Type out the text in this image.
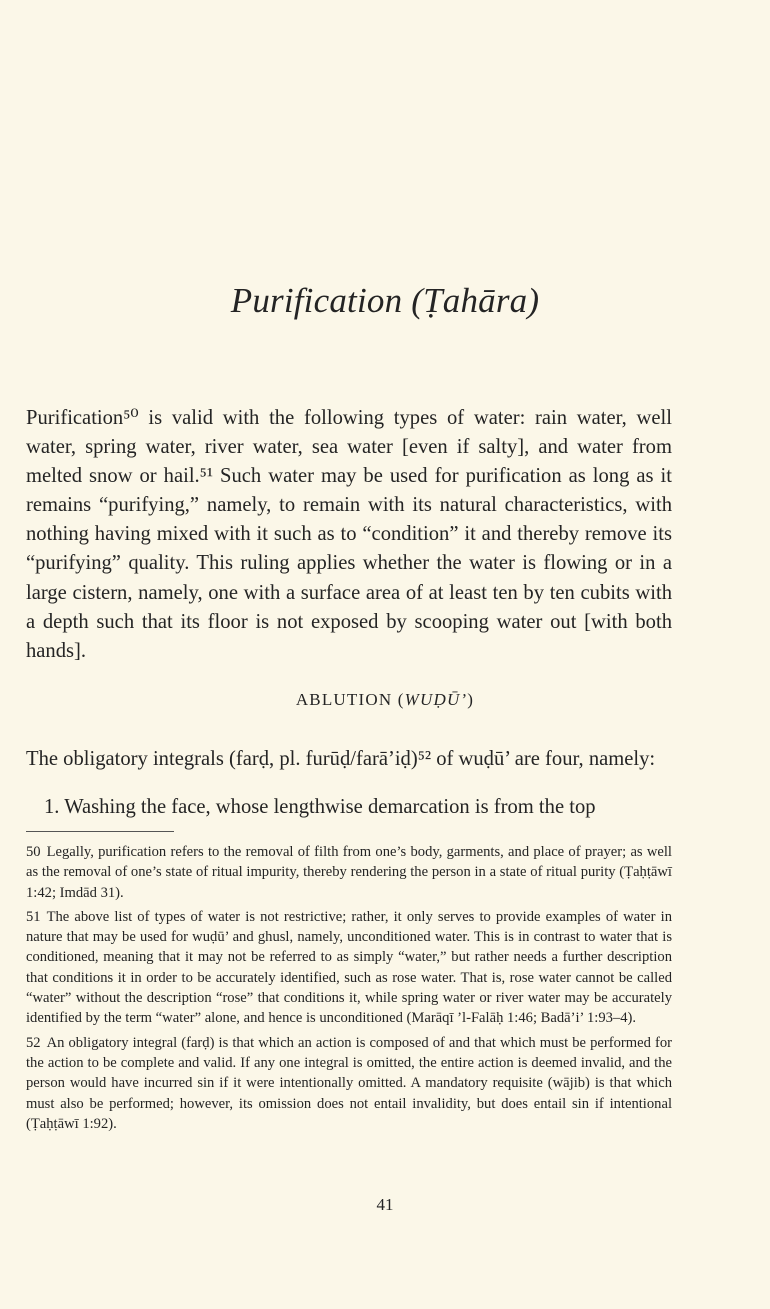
Purification (Ṭahāra)

Purification⁵⁰ is valid with the following types of water: rain water, well water, spring water, river water, sea water [even if salty], and water from melted snow or hail.⁵¹ Such water may be used for purification as long as it remains “purifying,” namely, to remain with its natural characteristics, with nothing having mixed with it such as to “condition” it and thereby remove its “purifying” quality. This ruling applies whether the water is flowing or in a large cistern, namely, one with a surface area of at least ten by ten cubits with a depth such that its floor is not exposed by scooping water out [with both hands].

ABLUTION (WUḌŪ’)

The obligatory integrals (farḍ, pl. furūḍ/farā’iḍ)⁵² of wuḍū’ are four, namely:

1. Washing the face, whose lengthwise demarcation is from the top

50 Legally, purification refers to the removal of filth from one’s body, garments, and place of prayer; as well as the removal of one’s state of ritual impurity, thereby rendering the person in a state of ritual purity (Ṭaḥṭāwī 1:42; Imdād 31).

51 The above list of types of water is not restrictive; rather, it only serves to provide examples of water in nature that may be used for wuḍū’ and ghusl, namely, unconditioned water. This is in contrast to water that is conditioned, meaning that it may not be referred to as simply “water,” but rather needs a further description that conditions it in order to be accurately identified, such as rose water. That is, rose water cannot be called “water” without the description “rose” that conditions it, while spring water or river water may be accurately identified by the term “water” alone, and hence is unconditioned (Marāqī ’l-Falāḥ 1:46; Badā’i’ 1:93–4).

52 An obligatory integral (farḍ) is that which an action is composed of and that which must be performed for the action to be complete and valid. If any one integral is omitted, the entire action is deemed invalid, and the person would have incurred sin if it were intentionally omitted. A mandatory requisite (wājib) is that which must also be performed; however, its omission does not entail invalidity, but does entail sin if intentional (Ṭaḥṭāwī 1:92).

41
